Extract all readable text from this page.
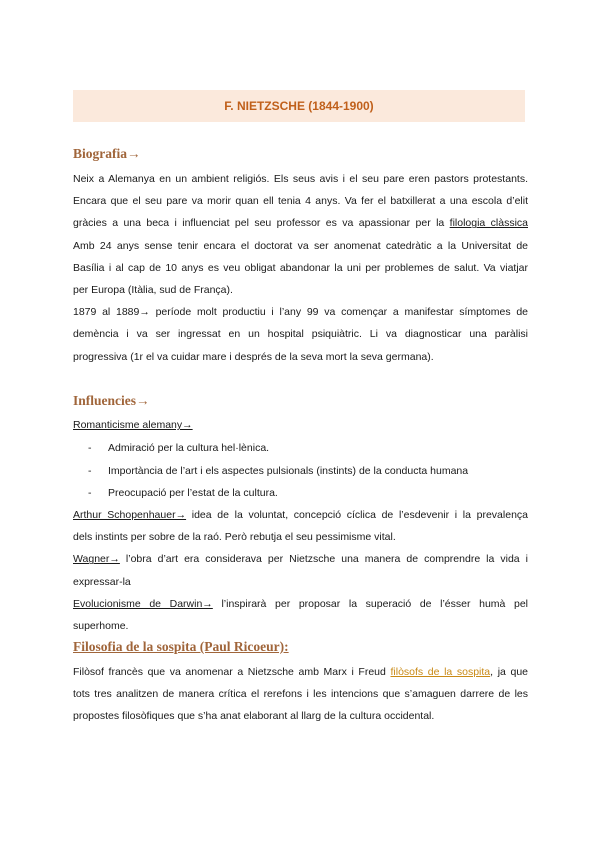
F. NIETZSCHE (1844-1900)
Biografia→
Neix a Alemanya en un ambient religiós. Els seus avis i el seu pare eren pastors protestants.
Encara que el seu pare va morir quan ell tenia 4 anys. Va fer el batxillerat a una escola d’elit
gràcies a una beca i influenciat pel seu professor es va apassionar per la filologia clàssica
Amb 24 anys sense tenir encara el doctorat va ser anomenat catedràtic a la Universitat de
Basília i al cap de 10 anys es veu obligat abandonar la uni per problemes de salut. Va viatjar
per Europa (Itàlia, sud de França).
1879 al 1889→ període molt productiu i l’any 99 va començar a manifestar símptomes de
demència i va ser ingressat en un hospital psiquiàtric. Li va diagnosticar una paràlisi
progressiva (1r el va cuidar mare i després de la seva mort la seva germana).
Influencies→
Romanticisme alemany→
- Admiració per la cultura hel·lènica.
- Importància de l’art i els aspectes pulsionals (instints) de la conducta humana
- Preocupació per l’estat de la cultura.
Arthur Schopenhauer→ idea de la voluntat, concepció cíclica de l’esdevenir i la prevalença
dels instints per sobre de la raó. Però rebutja el seu pessimisme vital.
Wagner→ l’obra d’art era considerava per Nietzsche una manera de comprendre la vida i
expressar-la
Evolucionisme de Darwin→ l’inspirarà per proposar la superació de l’ésser humà pel
superhome.
Filosofia de la sospita (Paul Ricoeur):
Filòsof francès que va anomenar a Nietzsche amb Marx i Freud filòsofs de la sospita, ja que
tots tres analitzen de manera crítica el rerefons i les intencions que s’amaguen darrere de les
propostes filosòfiques que s’ha anat elaborant al llarg de la cultura occidental.
